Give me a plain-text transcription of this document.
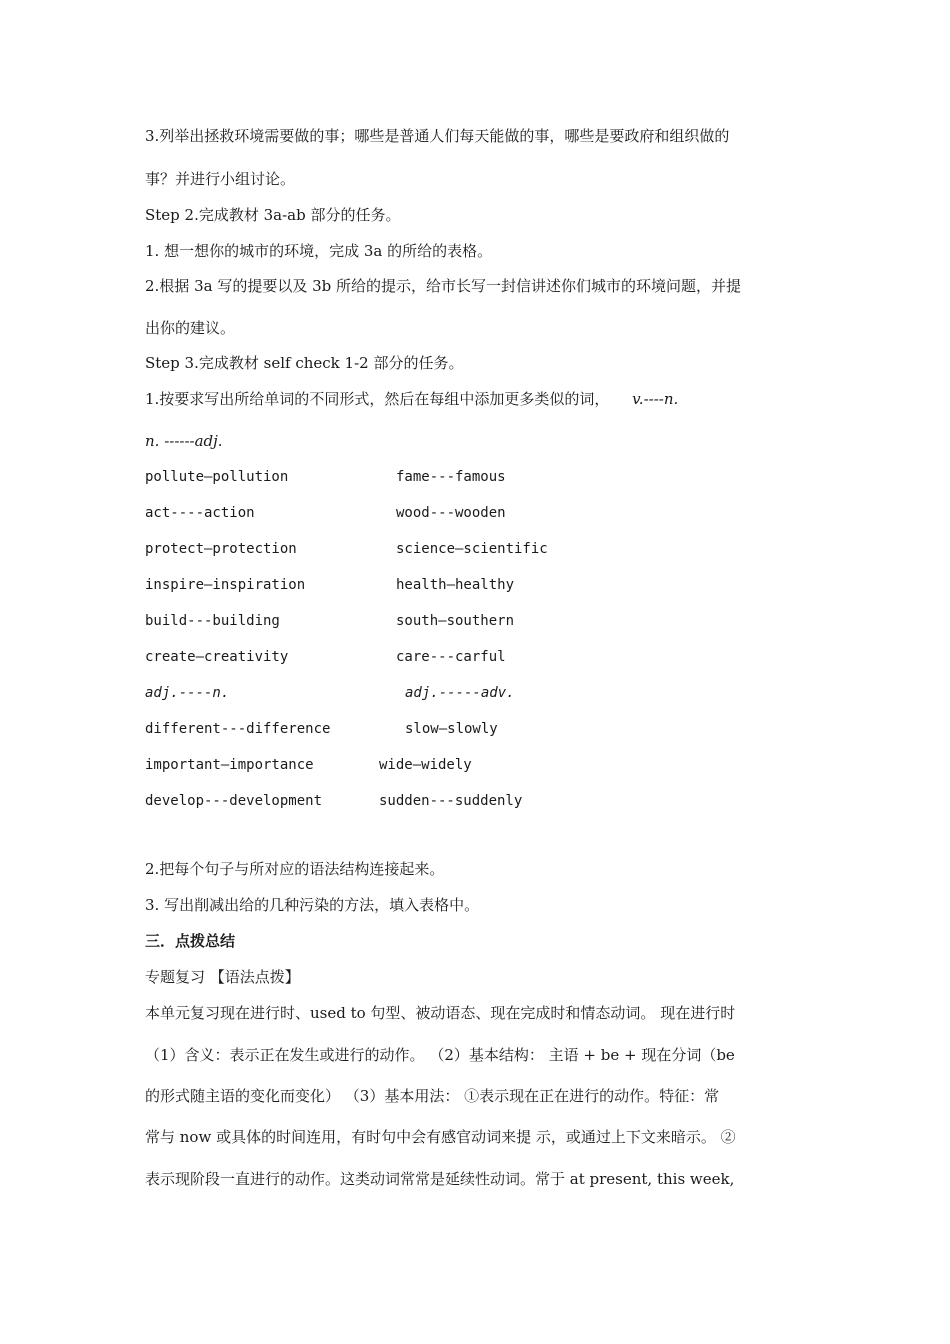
3.列举出拯救环境需要做的事；哪些是普通人们每天能做的事，哪些是要政府和组织做的
事？并进行小组讨论。
Step 2.完成教材 3a-ab 部分的任务。
1. 想一想你的城市的环境，完成 3a 的所给的表格。
2.根据 3a 写的提要以及 3b 所给的提示，给市长写一封信讲述你们城市的环境问题，并提
出你的建议。
Step 3.完成教材 self check 1-2 部分的任务。
1.按要求写出所给单词的不同形式，然后在每组中添加更多类似的词， v.----n.
n. ------adj.
pollute—pollution	fame---famous
act----action	wood---wooden
protect—protection	science—scientific
inspire—inspiration	health—healthy
build---building	south—southern
create—creativity	care---carful
adj.----n.	adj.-----adv.
different---difference	slow—slowly
important—importance	wide—widely
develop---development	sudden---suddenly
2.把每个句子与所对应的语法结构连接起来。
3. 写出削减出给的几种污染的方法，填入表格中。
三．点拨总结
专题复习 【语法点拨】
本单元复习现在进行时、used to 句型、被动语态、现在完成时和情态动词。 现在进行时
（1）含义：表示正在发生或进行的动作。 （2）基本结构： 主语 + be + 现在分词（be
的形式随主语的变化而变化） （3）基本用法： ①表示现在正在进行的动作。特征：常
常与 now 或具体的时间连用，有时句中会有感官动词来提 示，或通过上下文来暗示。 ②
表示现阶段一直进行的动作。这类动词常常是延续性动词。常于 at present, this week,
